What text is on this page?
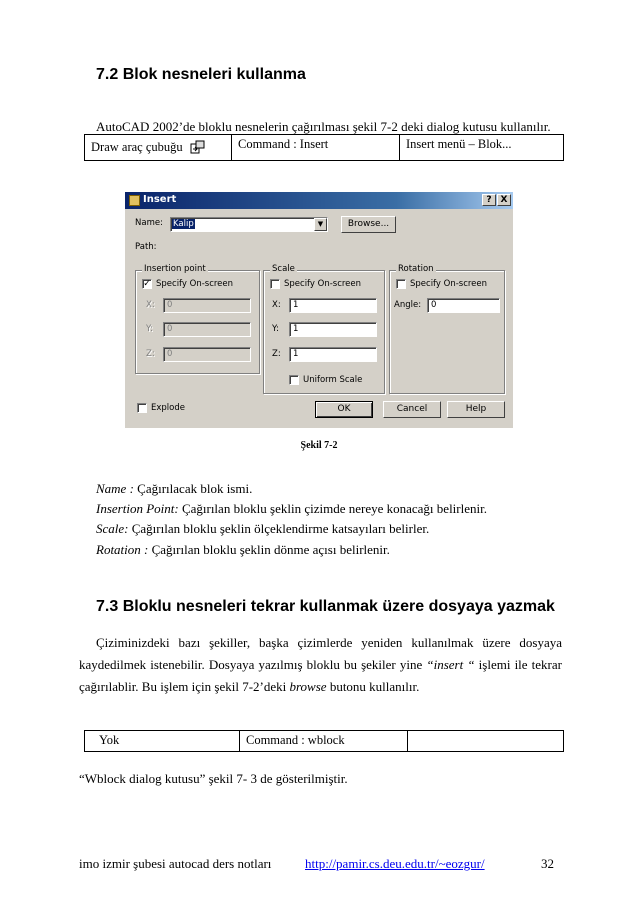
7.2 Blok nesneleri kullanma
AutoCAD 2002’de bloklu nesnelerin çağırılması şekil 7-2 deki dialog kutusu kullanılır.
Draw araç çubuğu	Command : Insert	Insert menü – Blok...
Insert	? X
Name:	Kalip	▼	Browse...
Path:
Insertion point
✓ Specify On-screen
X:	0
Y:	0
Z:	0
Scale
Specify On-screen
X:	1
Y:	1
Z:	1
Uniform Scale
Rotation
Specify On-screen
Angle:	0
Explode	OK	Cancel	Help
Şekil 7-2
Name : Çağırılacak blok ismi.
Insertion Point: Çağırılan bloklu şeklin çizimde nereye konacağı belirlenir.
Scale: Çağırılan bloklu şeklin ölçeklendirme katsayıları belirler.
Rotation : Çağırılan bloklu şeklin dönme açısı belirlenir.
7.3 Bloklu nesneleri tekrar kullanmak üzere dosyaya yazmak
Çiziminizdeki bazı şekiller, başka çizimlerde yeniden kullanılmak üzere dosyaya kaydedilmek istenebilir. Dosyaya yazılmış bloklu bu şekiler yine “insert “ işlemi ile tekrar çağırılablir. Bu işlem için şekil 7-2’deki browse butonu kullanılır.
Yok	Command : wblock	
“Wblock dialog kutusu” şekil 7- 3 de gösterilmiştir.
imo izmir şubesi autocad ders notları	http://pamir.cs.deu.edu.tr/~eozgur/	32
